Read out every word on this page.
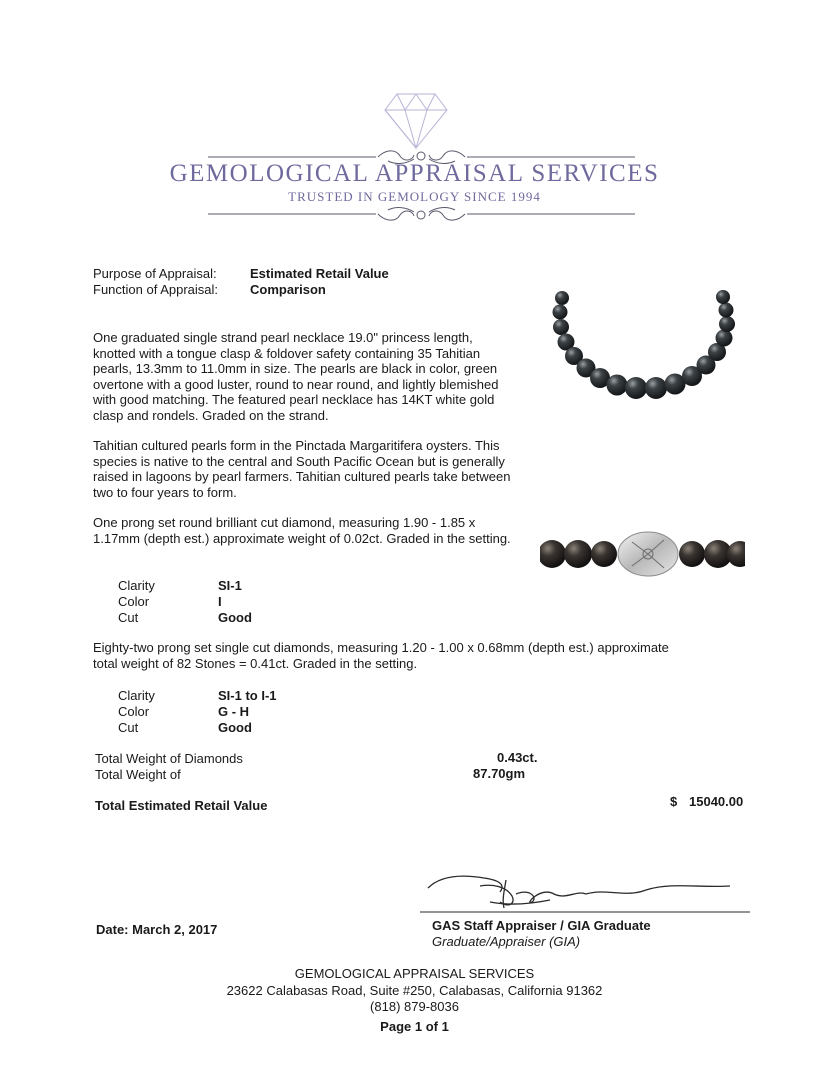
GEMOLOGICAL APPRAISAL SERVICES
TRUSTED IN GEMOLOGY SINCE 1994
Purpose of Appraisal:	Estimated Retail Value
Function of Appraisal: Comparison
One graduated single strand pearl necklace 19.0" princess length, knotted with a tongue clasp & foldover safety containing 35 Tahitian pearls, 13.3mm to 11.0mm in size. The pearls are black in color, green overtone with a good luster, round to near round, and lightly blemished with good matching. The featured pearl necklace has 14KT white gold clasp and rondels. Graded on the strand.
Tahitian cultured pearls form in the Pinctada Margaritifera oysters. This species is native to the central and South Pacific Ocean but is generally raised in lagoons by pearl farmers. Tahitian cultured pearls take between two to four years to form.
One prong set round brilliant cut diamond, measuring 1.90 - 1.85 x 1.17mm (depth est.) approximate weight of 0.02ct. Graded in the setting.
Clarity	SI-1
Color	I
Cut	Good
Eighty-two prong set single cut diamonds, measuring 1.20 - 1.00 x 0.68mm (depth est.) approximate total weight of 82 Stones = 0.41ct. Graded in the setting.
Clarity	SI-1 to I-1
Color	G - H
Cut	Good
Total Weight of Diamonds	0.43ct.
Total Weight of	87.70gm
Total Estimated Retail Value	$ 15040.00
Date: March 2, 2017	GAS Staff Appraiser / GIA Graduate
Graduate/Appraiser (GIA)
GEMOLOGICAL APPRAISAL SERVICES
23622 Calabasas Road, Suite #250, Calabasas, California 91362
(818) 879-8036
Page 1 of 1
